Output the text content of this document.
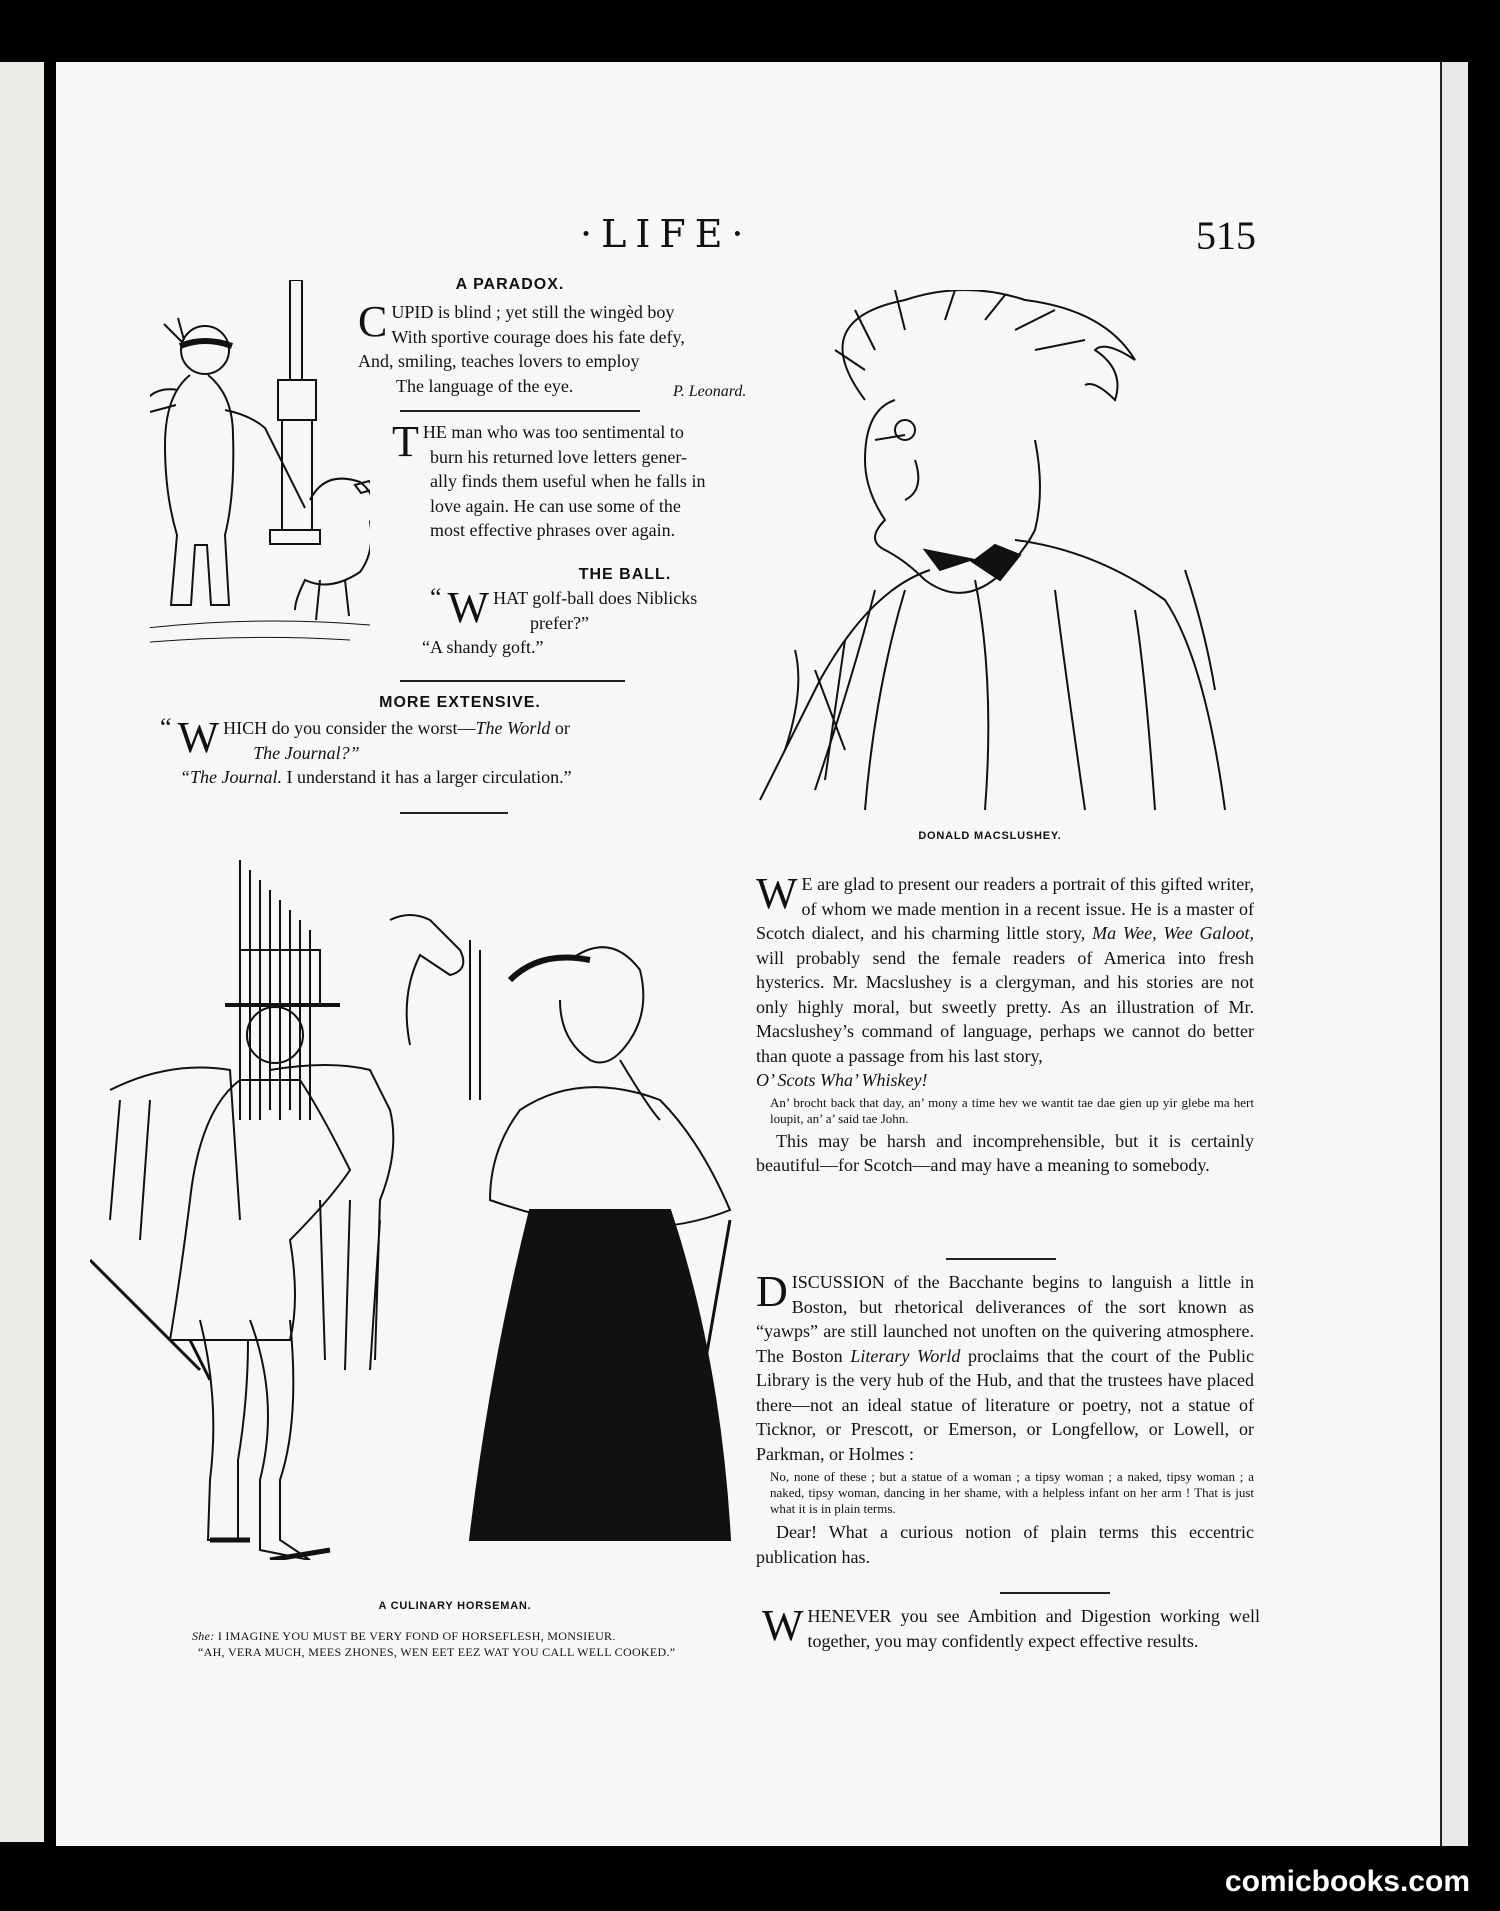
·LIFE·	515
A PARADOX.
C UPID is blind ; yet still the wingèd boy
With sportive courage does his fate defy,
And, smiling, teaches lovers to employ
The language of the eye.	P. Leonard.
T HE man who was too sentimental to
burn his returned love letters gener-
ally finds them useful when he falls in
love again. He can use some of the
most effective phrases over again.
THE BALL.
“ W HAT golf-ball does Niblicks
prefer?”
“A shandy goft.”
MORE EXTENSIVE.
“ W HICH do you consider the worst—The World or
The Journal?”
“The Journal. I understand it has a larger circulation.”
DONALD MACSLUSHEY.
W E are glad to present our readers a portrait of this gifted writer, of whom we made mention in a recent issue. He is a master of Scotch dialect, and his charming little story, Ma Wee, Wee Galoot, will probably send the female readers of America into fresh hysterics. Mr. Macslushey is a clergyman, and his stories are not only highly moral, but sweetly pretty. As an illustration of Mr. Macslushey’s command of language, perhaps we cannot do better than quote a passage from his last story,
O’ Scots Wha’ Whiskey!
An’ brocht back that day, an’ mony a time hev we wantit tae dae gien up yir glebe ma hert loupit, an’ a’ said tae John.
This may be harsh and incomprehensible, but it is certainly beautiful—for Scotch—and may have a meaning to somebody.
DISCUSSION of the Bacchante begins to languish a little in Boston, but rhetorical deliverances of the sort known as “yawps” are still launched not unoften on the quivering atmosphere. The Boston Literary World proclaims that the court of the Public Library is the very hub of the Hub, and that the trustees have placed there—not an ideal statue of literature or poetry, not a statue of Ticknor, or Prescott, or Emerson, or Longfellow, or Lowell, or Parkman, or Holmes :
No, none of these ; but a statue of a woman ; a tipsy woman ; a naked, tipsy woman ; a naked, tipsy woman, dancing in her shame, with a helpless infant on her arm ! That is just what it is in plain terms.
Dear! What a curious notion of plain terms this eccentric publication has.
WHENEVER you see Ambition and Digestion working well together, you may confidently expect effective results.
A CULINARY HORSEMAN.
She: I IMAGINE YOU MUST BE VERY FOND OF HORSEFLESH, MONSIEUR.
“AH, VERA MUCH, MEES ZHONES, WEN EET EEZ WAT YOU CALL WELL COOKED.”
comicbooks.com
